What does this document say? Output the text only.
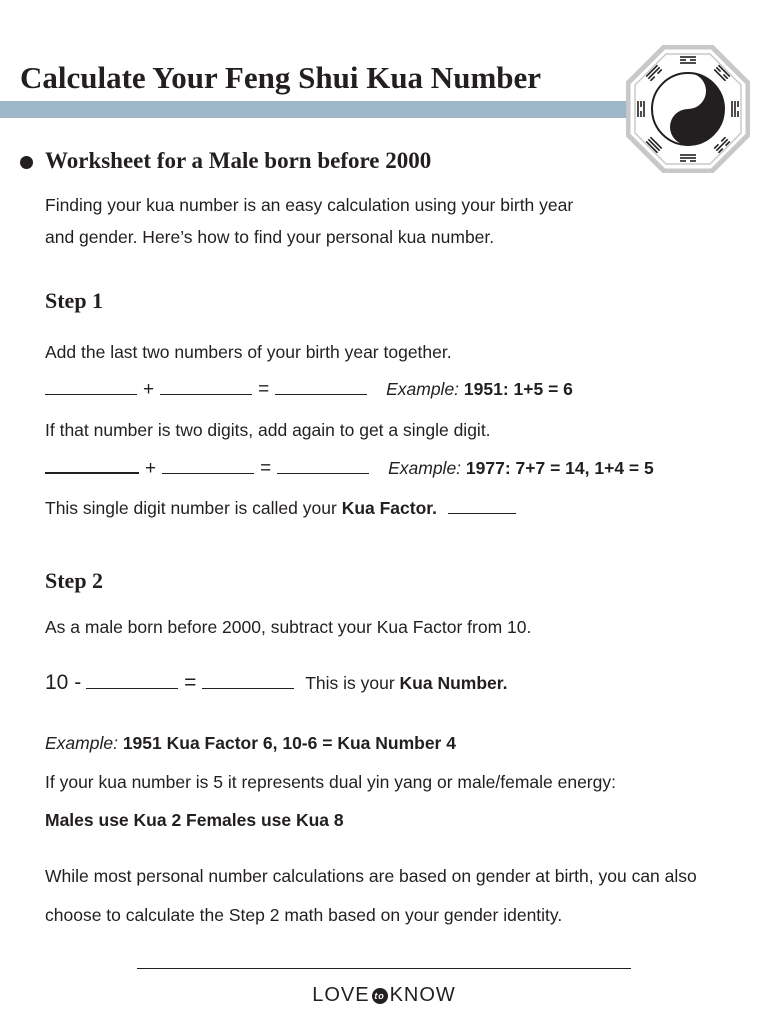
Calculate Your Feng Shui Kua Number
Worksheet for a Male born before 2000
Finding your kua number is an easy calculation using your birth year
and gender. Here’s how to find your personal kua number.
Step 1
Add the last two numbers of your birth year together.
+	=	Example: 1951: 1+5 = 6
If that number is two digits, add again to get a single digit.
+	=	Example: 1977: 7+7 = 14, 1+4 = 5
This single digit number is called your Kua Factor.
Step 2
As a male born before 2000, subtract your Kua Factor from 10.
10 -	=	This is your Kua Number.
Example: 1951 Kua Factor 6, 10-6 = Kua Number 4
If your kua number is 5 it represents dual yin yang or male/female energy:
Males use Kua 2 Females use Kua 8
While most personal number calculations are based on gender at birth, you can also
choose to calculate the Step 2 math based on your gender identity.
LOVE to KNOW
